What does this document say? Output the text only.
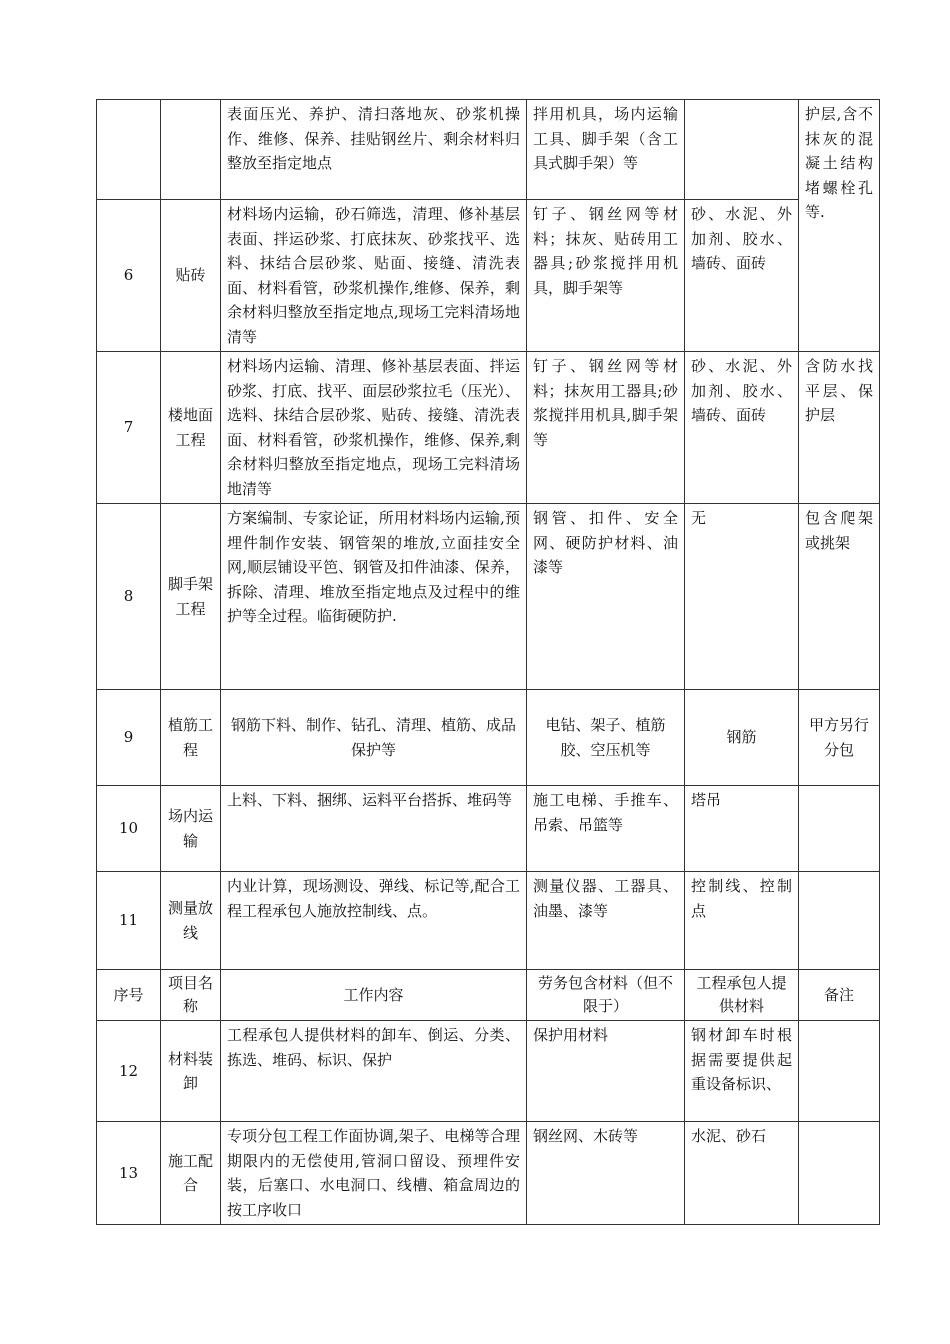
		表面压光、养护、清扫落地灰、砂浆机操作、维修、保养、挂贴钢丝片、剩余材料归整放至指定地点	拌用机具，场内运输工具、脚手架（含工具式脚手架）等		护层,含不抹灰的混凝土结构堵螺栓孔等.
6	贴砖	材料场内运输，砂石筛选，清理、修补基层表面、拌运砂浆、打底抹灰、砂浆找平、选料、抹结合层砂浆、贴面、接缝、清洗表面、材料看管，砂浆机操作,维修、保养，剩余材料归整放至指定地点,现场工完料清场地清等	钉子、钢丝网等材料；抹灰、贴砖用工器具;砂浆搅拌用机具，脚手架等	砂、水泥、外加剂、胶水、墙砖、面砖	
7	楼地面工程	材料场内运输、清理、修补基层表面、拌运砂浆、打底、找平、面层砂浆拉毛（压光）、选料、抹结合层砂浆、贴砖、接缝、清洗表面、材料看管，砂浆机操作，维修、保养,剩余材料归整放至指定地点，现场工完料清场地清等	钉子、钢丝网等材料；抹灰用工器具;砂浆搅拌用机具,脚手架等	砂、水泥、外加剂、胶水、墙砖、面砖	含防水找　平层、保护层
8	脚手架工程	方案编制、专家论证，所用材料场内运输,预埋件制作安装、钢管架的堆放,立面挂安全网,顺层铺设平笆、钢管及扣件油漆、保养，拆除、清理、堆放至指定地点及过程中的维护等全过程。临街硬防护.	钢管、扣件、安全网、硬防护材料、油漆等	无	包含爬架或挑架
9	植筋工程	钢筋下料、制作、钻孔、清理、植筋、成品保护等	电钻、架子、植筋胶、空压机等	钢筋	甲方另行分包
10	场内运输	上料、下料、捆绑、运料平台搭拆、堆码等	施工电梯、手推车、吊索、吊篮等	塔吊	
11	测量放线	内业计算，现场测设、弹线、标记等,配合工程工程承包人施放控制线、点。	测量仪器、工器具、油墨、漆等	控制线、控制点	
序号	项目名称	工作内容	劳务包含材料（但不限于）	工程承包人提供材料	备注
12	材料装卸	工程承包人提供材料的卸车、倒运、分类、拣选、堆码、标识、保护	保护用材料	钢材卸车时根据需要提供起重设备标识、	
13	施工配合	专项分包工程工作面协调,架子、电梯等合理期限内的无偿使用,管洞口留设、预埋件安装，后塞口、水电洞口、线槽、箱盒周边的按工序收口	钢丝网、木砖等	水泥、砂石	
